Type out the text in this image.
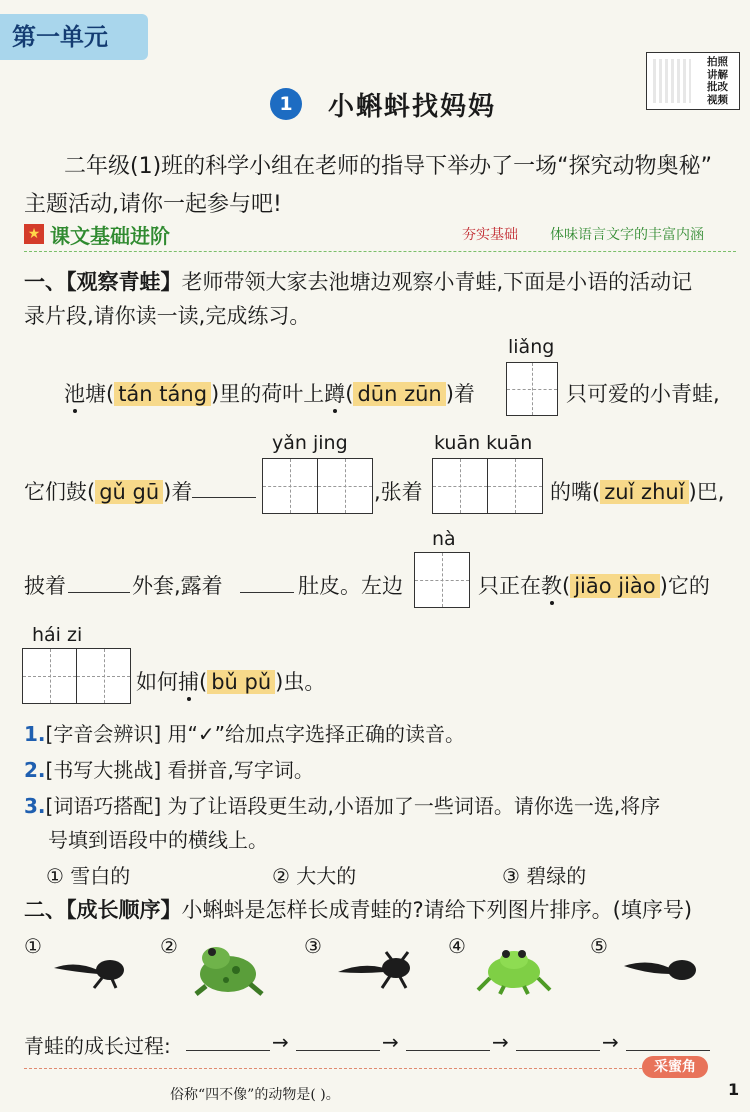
第一单元
拍照讲解批改视频
1	小蝌蚪找妈妈
二年级(1)班的科学小组在老师的指导下举办了一场“探究动物奥秘”
主题活动,请你一起参与吧!
★ 课文基础进阶	夯实基础 体味语言文字的丰富内涵
一、【观察青蛙】老师带领大家去池塘边观察小青蛙,下面是小语的活动记
录片段,请你读一读,完成练习。
liǎng
池塘( tán táng )里的荷叶上蹲( dūn zūn )着	只可爱的小青蛙,
yǎn jing	kuān kuān
它们鼓( gǔ gū )着	,张着	的嘴( zuǐ zhuǐ )巴,
nà
披着	外套,露着	肚皮。左边	只正在教( jiāo jiào )它的
hái zi
如何捕( bǔ pǔ )虫。
1.[字音会辨识] 用“✓”给加点字选择正确的读音。
2.[书写大挑战] 看拼音,写字词。
3.[词语巧搭配] 为了让语段更生动,小语加了一些词语。请你选一选,将序
号填到语段中的横线上。
① 雪白的	② 大大的	③ 碧绿的
二、【成长顺序】小蝌蚪是怎样长成青蛙的?请给下列图片排序。(填序号)
①	②	③	④	⑤
青蛙的成长过程:	→	→	→	→
采蜜角
俗称“四不像”的动物是( )。	1
